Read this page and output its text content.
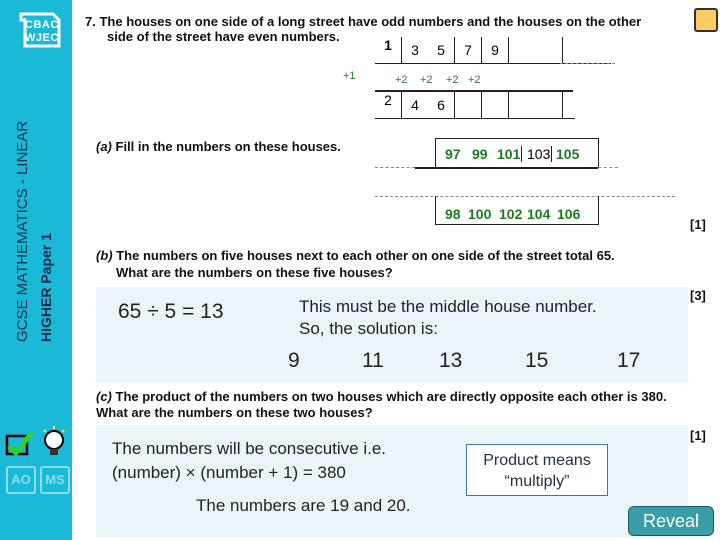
CBAC
WJEC
GCSE MATHEMATICS - LINEAR HIGHER Paper 1
AO	MS
7. The houses on one side of a long street have odd numbers and the houses on the other
side of the street have even numbers.
1	3	5	7	9
2	4	6
+1	+2 +2 +2 +2
(a) Fill in the numbers on these houses.	97 99 101 103 105
98 100 102 104 106
[1]
(b) The numbers on five houses next to each other on one side of the street total 65.
What are the numbers on these five houses?
[3]
65 ÷ 5 = 13	This must be the middle house number.
So, the solution is:
9	11	13	15	17
(c) The product of the numbers on two houses which are directly opposite each other is 380.
What are the numbers on these two houses?
[1]
The numbers will be consecutive i.e.
(number) × (number + 1) = 380
The numbers are 19 and 20.
Product means
“multiply”
Reveal
